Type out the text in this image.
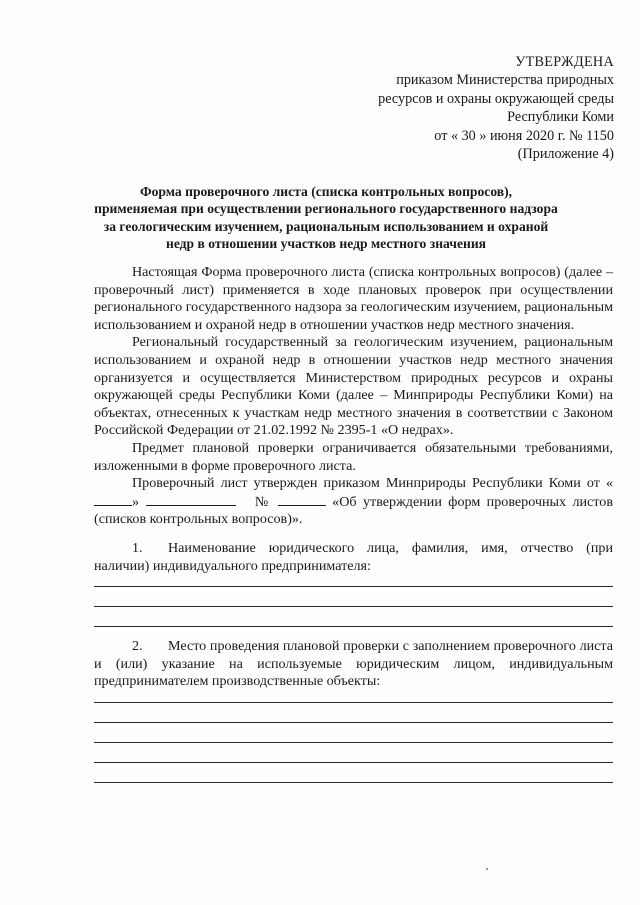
УТВЕРЖДЕНА
приказом Министерства природных
ресурсов и охраны окружающей среды
Республики Коми
от « 30 » июня 2020 г. № 1150
(Приложение 4)
Форма проверочного листа (списка контрольных вопросов),
применяемая при осуществлении регионального государственного надзора
за геологическим изучением, рациональным использованием и охраной
недр в отношении участков недр местного значения

Настоящая Форма проверочного листа (списка контрольных вопросов) (далее – проверочный лист) применяется в ходе плановых проверок при осуществлении регионального государственного надзора за геологическим изучением, рациональным использованием и охраной недр в отношении участков недр местного значения.

Региональный государственный за геологическим изучением, рациональным использованием и охраной недр в отношении участков недр местного значения организуется и осуществляется Министерством природных ресурсов и охраны окружающей среды Республики Коми (далее – Минприроды Республики Коми) на объектах, отнесенных к участкам недр местного значения в соответствии с Законом Российской Федерации от 21.02.1992 № 2395-1 «О недрах».

Предмет плановой проверки ограничивается обязательными требованиями, изложенными в форме проверочного листа.

Проверочный лист утвержден приказом Минприроды Республики Коми от «»	№	«Об утверждении форм проверочных листов (списков контрольных вопросов)».

1. Наименование юридического лица, фамилия, имя, отчество (при наличии) индивидуального предпринимателя:

2. Место проведения плановой проверки с заполнением проверочного листа и (или) указание на используемые юридическим лицом, индивидуальным предпринимателем производственные объекты:
